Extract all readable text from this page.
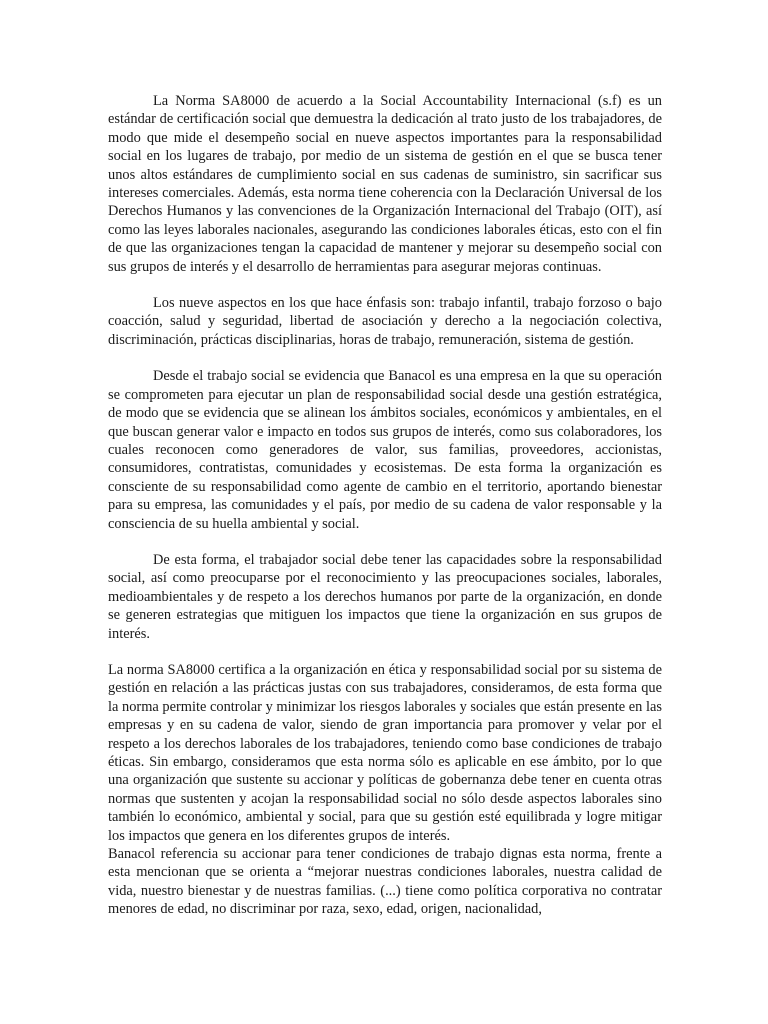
La Norma SA8000 de acuerdo a la Social Accountability Internacional (s.f) es un estándar de certificación social que demuestra la dedicación al trato justo de los trabajadores, de modo que mide el desempeño social en nueve aspectos importantes para la responsabilidad social en los lugares de trabajo, por medio de un sistema de gestión en el que se busca tener unos altos estándares de cumplimiento social en sus cadenas de suministro, sin sacrificar sus intereses comerciales. Además, esta norma tiene coherencia con la Declaración Universal de los Derechos Humanos y las convenciones de la Organización Internacional del Trabajo (OIT), así como las leyes laborales nacionales, asegurando las condiciones laborales éticas, esto con el fin de que las organizaciones tengan la capacidad de mantener y mejorar su desempeño social con sus grupos de interés y el desarrollo de herramientas para asegurar mejoras continuas.

Los nueve aspectos en los que hace énfasis son: trabajo infantil, trabajo forzoso o bajo coacción, salud y seguridad, libertad de asociación y derecho a la negociación colectiva, discriminación, prácticas disciplinarias, horas de trabajo, remuneración, sistema de gestión.

Desde el trabajo social se evidencia que Banacol es una empresa en la que su operación se comprometen para ejecutar un plan de responsabilidad social desde una gestión estratégica, de modo que se evidencia que se alinean los ámbitos sociales, económicos y ambientales, en el que buscan generar valor e impacto en todos sus grupos de interés, como sus colaboradores, los cuales reconocen como generadores de valor, sus familias, proveedores, accionistas, consumidores, contratistas, comunidades y ecosistemas. De esta forma la organización es consciente de su responsabilidad como agente de cambio en el territorio, aportando bienestar para su empresa, las comunidades y el país, por medio de su cadena de valor responsable y la consciencia de su huella ambiental y social.

De esta forma, el trabajador social debe tener las capacidades sobre la responsabilidad social, así como preocuparse por el reconocimiento y las preocupaciones sociales, laborales, medioambientales y de respeto a los derechos humanos por parte de la organización, en donde se generen estrategias que mitiguen los impactos que tiene la organización en sus grupos de interés.

La norma SA8000 certifica a la organización en ética y responsabilidad social por su sistema de gestión en relación a las prácticas justas con sus trabajadores, consideramos, de esta forma que la norma permite controlar y minimizar los riesgos laborales y sociales que están presente en las empresas y en su cadena de valor, siendo de gran importancia para promover y velar por el respeto a los derechos laborales de los trabajadores, teniendo como base condiciones de trabajo éticas. Sin embargo, consideramos que esta norma sólo es aplicable en ese ámbito, por lo que una organización que sustente su accionar y políticas de gobernanza debe tener en cuenta otras normas que sustenten y acojan la responsabilidad social no sólo desde aspectos laborales sino también lo económico, ambiental y social, para que su gestión esté equilibrada y logre mitigar los impactos que genera en los diferentes grupos de interés.

Banacol referencia su accionar para tener condiciones de trabajo dignas esta norma, frente a esta mencionan que se orienta a “mejorar nuestras condiciones laborales, nuestra calidad de vida, nuestro bienestar y de nuestras familias. (...) tiene como política corporativa no contratar menores de edad, no discriminar por raza, sexo, edad, origen, nacionalidad,
